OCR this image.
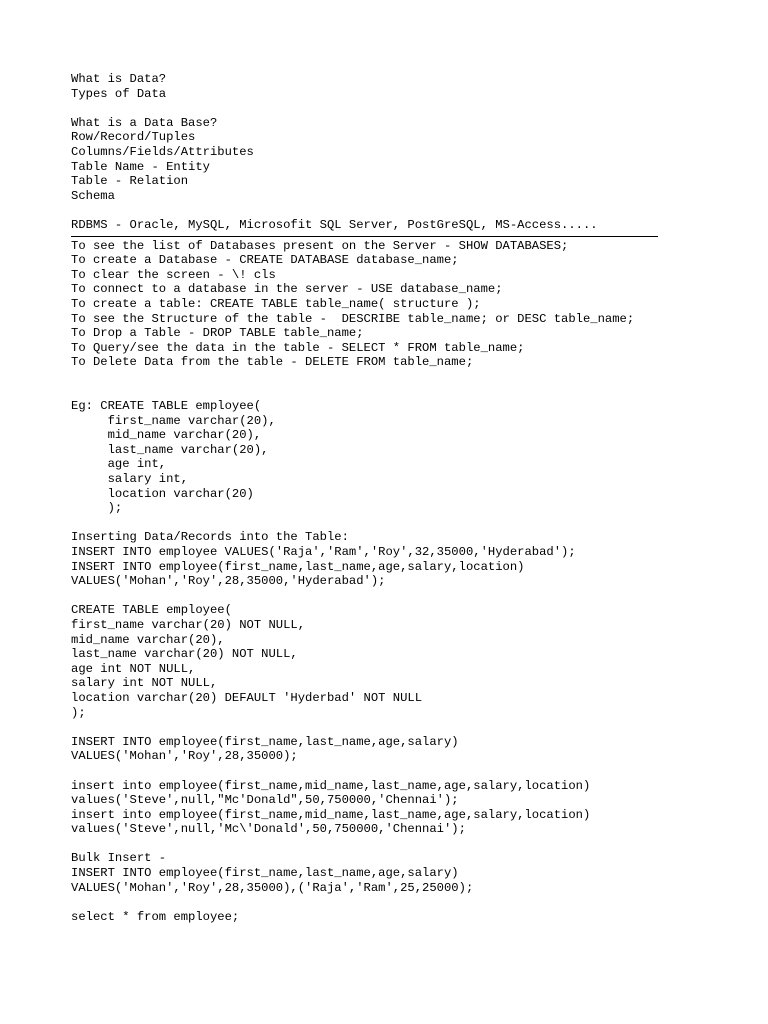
What is Data?
Types of Data
What is a Data Base?
Row/Record/Tuples
Columns/Fields/Attributes
Table Name - Entity
Table - Relation
Schema
RDBMS - Oracle, MySQL, Microsofit SQL Server, PostGreSQL, MS-Access.....
To see the list of Databases present on the Server - SHOW DATABASES;
To create a Database - CREATE DATABASE database_name;
To clear the screen - \! cls
To connect to a database in the server - USE database_name;
To create a table: CREATE TABLE table_name( structure );
To see the Structure of the table -  DESCRIBE table_name; or DESC table_name;
To Drop a Table - DROP TABLE table_name;
To Query/see the data in the table - SELECT * FROM table_name;
To Delete Data from the table - DELETE FROM table_name;
Eg: CREATE TABLE employee(
first_name varchar(20),
mid_name varchar(20),
last_name varchar(20),
age int,
salary int,
location varchar(20)
);
Inserting Data/Records into the Table:
INSERT INTO employee VALUES('Raja','Ram','Roy',32,35000,'Hyderabad');
INSERT INTO employee(first_name,last_name,age,salary,location)
VALUES('Mohan','Roy',28,35000,'Hyderabad');
CREATE TABLE employee(
first_name varchar(20) NOT NULL,
mid_name varchar(20),
last_name varchar(20) NOT NULL,
age int NOT NULL,
salary int NOT NULL,
location varchar(20) DEFAULT 'Hyderbad' NOT NULL
);
INSERT INTO employee(first_name,last_name,age,salary)
VALUES('Mohan','Roy',28,35000);
insert into employee(first_name,mid_name,last_name,age,salary,location)
values('Steve',null,"Mc'Donald",50,750000,'Chennai');
insert into employee(first_name,mid_name,last_name,age,salary,location)
values('Steve',null,'Mc\'Donald',50,750000,'Chennai');
Bulk Insert -
INSERT INTO employee(first_name,last_name,age,salary)
VALUES('Mohan','Roy',28,35000),('Raja','Ram',25,25000);
select * from employee;
